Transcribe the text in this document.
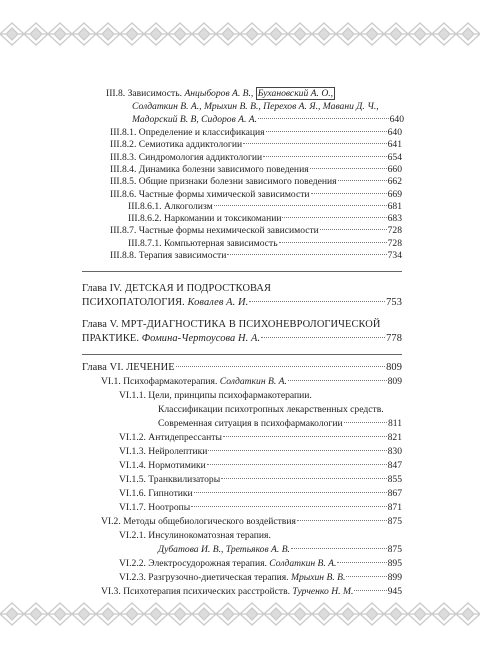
III.8. Зависимость. Анцыборов А. В., Бухановский А. О.,
Солдаткин В. А., Мрыхин В. В., Перехов А. Я., Мавани Д. Ч.,
Мадорский В. В, Сидоров А. А.	640
III.8.1. Определение и классификация	640
III.8.2. Семиотика аддиктологии	641
III.8.3. Синдромология аддиктологии	654
III.8.4. Динамика болезни зависимого поведения	660
III.8.5. Общие признаки болезни зависимого поведения	662
III.8.6. Частные формы химической зависимости	669
III.8.6.1. Алкоголизм	681
III.8.6.2. Наркомании и токсикомании	683
III.8.7. Частные формы нехимической зависимости	728
III.8.7.1. Компьютерная зависимость	728
III.8.8. Терапия зависимости	734
Глава IV. ДЕТСКАЯ И ПОДРОСТКОВАЯ
ПСИХОПАТОЛОГИЯ.
Ковалев А. И.	753
Глава V. МРТ-ДИАГНОСТИКА В ПСИХОНЕВРОЛОГИЧЕСКОЙ
ПРАКТИКЕ.
Фомина-Чертоусова Н. А.	778
Глава VI. ЛЕЧЕНИЕ	809
VI.1. Психофармакотерапия.
Солдаткин В. А.	809
VI.1.1. Цели, принципы психофармакотерапии.
Классификации психотропных лекарственных средств.
Современная ситуация в психофармакологии	811
VI.1.2. Антидепрессанты	821
VI.1.3. Нейролептики	830
VI.1.4. Нормотимики	847
VI.1.5. Транквилизаторы	855
VI.1.6. Гипнотики	867
VI.1.7. Ноотропы	871
VI.2. Методы общебиологического воздействия	875
VI.2.1. Инсулинокоматозная терапия.
Дубатова И. В., Третьяков А. В.	875
VI.2.2. Электросудорожная терапия.
Солдаткин В. А.	895
VI.2.3. Разгрузочно-диетическая терапия.
Мрыхин В. В.	899
VI.3. Психотерапия психических расстройств.
Турченко Н. М.	945
